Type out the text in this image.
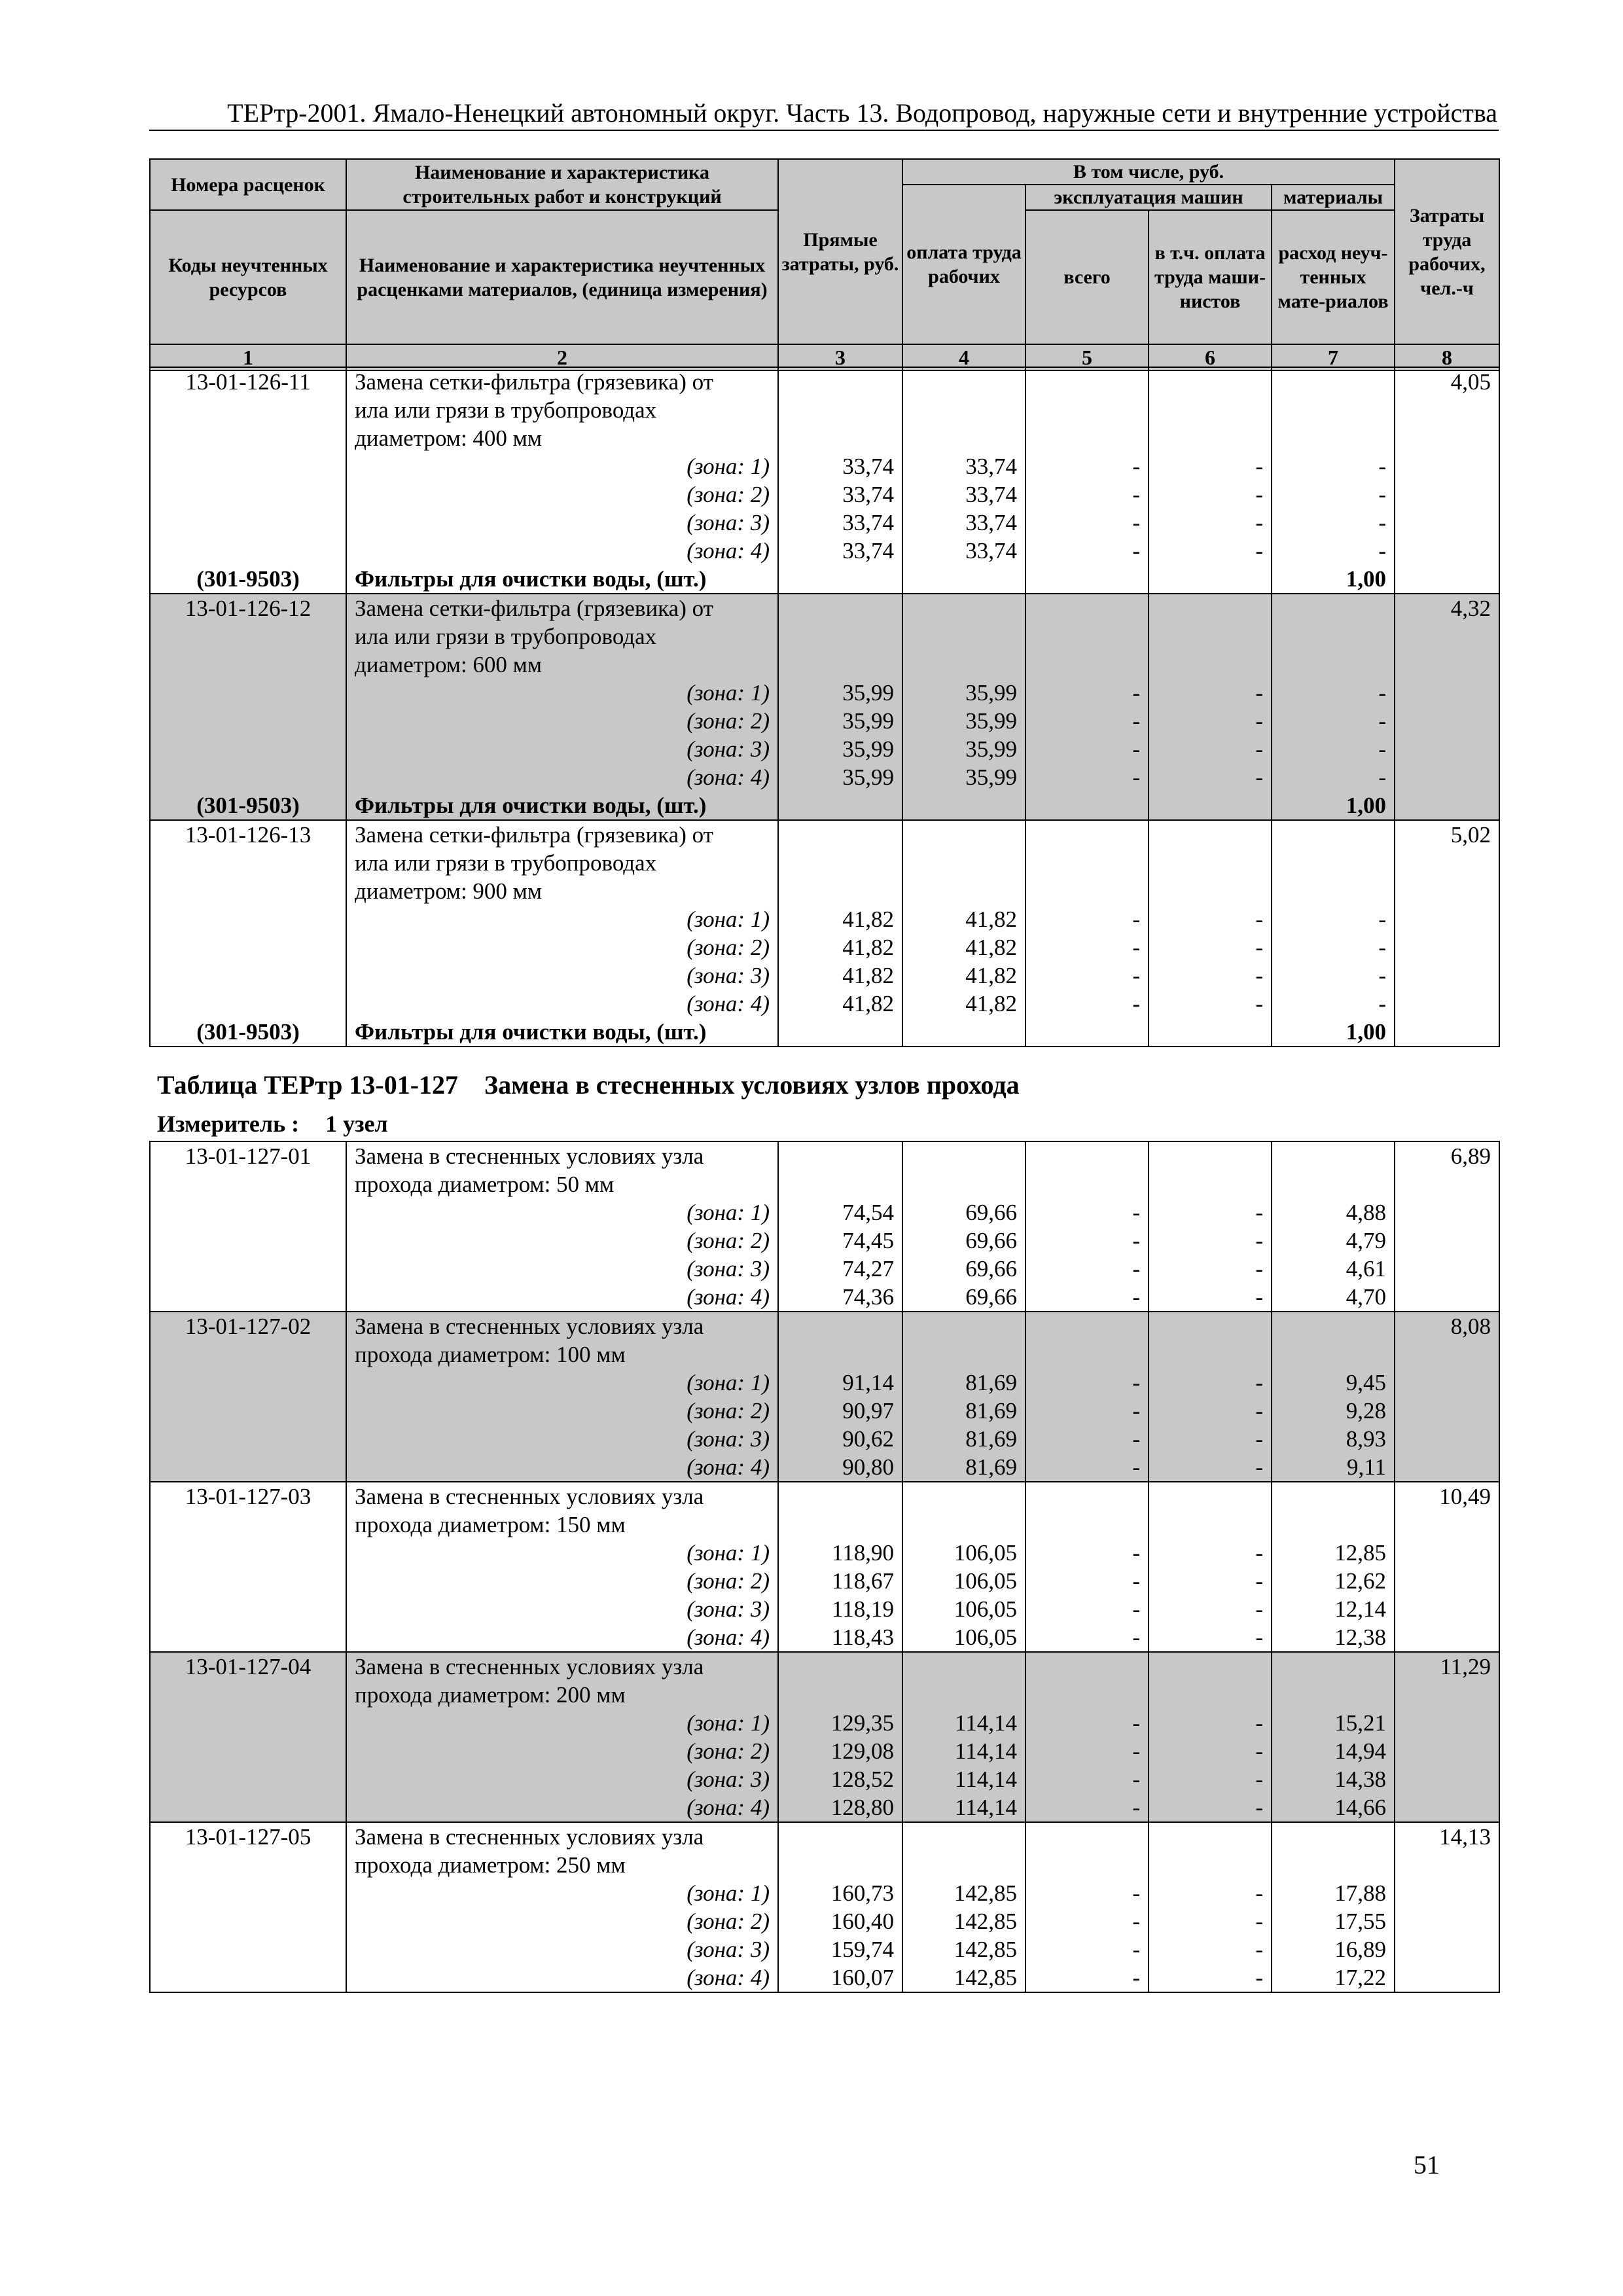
ТЕРтр-2001. Ямало-Ненецкий автономный округ. Часть 13. Водопровод, наружные сети и внутренние устройства
Номера расценок	Наименование и характеристика строительных работ и конструкций	Прямые затраты, руб.	В том числе, руб.				Затраты труда рабочих, чел.-ч
			оплата труда рабочих	эксплуатация машин		материалы	
Коды неучтенных ресурсов	Наименование и характеристика неучтенных расценками материалов, (единица измерения)			всего	в т.ч. оплата труда маши-нистов	расход неуч-тенных мате-риалов	

1	2	3	4	5	6	7	8
13-01-126-11	Замена сетки-фильтра (грязевика) от						4,05
	ила или грязи в трубопроводах						
	диаметром: 400 мм						
	(зона: 1)	33,74	33,74	-	-	-	
	(зона: 2)	33,74	33,74	-	-	-	
	(зона: 3)	33,74	33,74	-	-	-	
	(зона: 4)	33,74	33,74	-	-	-	
(301-9503)	Фильтры для очистки воды, (шт.)					1,00	
13-01-126-12	Замена сетки-фильтра (грязевика) от						4,32
	ила или грязи в трубопроводах						
	диаметром: 600 мм						
	(зона: 1)	35,99	35,99	-	-	-	
	(зона: 2)	35,99	35,99	-	-	-	
	(зона: 3)	35,99	35,99	-	-	-	
	(зона: 4)	35,99	35,99	-	-	-	
(301-9503)	Фильтры для очистки воды, (шт.)					1,00	
13-01-126-13	Замена сетки-фильтра (грязевика) от						5,02
	ила или грязи в трубопроводах						
	диаметром: 900 мм						
	(зона: 1)	41,82	41,82	-	-	-	
	(зона: 2)	41,82	41,82	-	-	-	
	(зона: 3)	41,82	41,82	-	-	-	
	(зона: 4)	41,82	41,82	-	-	-	
(301-9503)	Фильтры для очистки воды, (шт.)					1,00	
Таблица ТЕРтр 13-01-127 Замена в стесненных условиях узлов прохода
Измеритель : 1 узел
13-01-127-01	Замена в стесненных условиях узла						6,89
	прохода диаметром: 50 мм						
	(зона: 1)	74,54	69,66	-	-	4,88	
	(зона: 2)	74,45	69,66	-	-	4,79	
	(зона: 3)	74,27	69,66	-	-	4,61	
	(зона: 4)	74,36	69,66	-	-	4,70	
13-01-127-02	Замена в стесненных условиях узла						8,08
	прохода диаметром: 100 мм						
	(зона: 1)	91,14	81,69	-	-	9,45	
	(зона: 2)	90,97	81,69	-	-	9,28	
	(зона: 3)	90,62	81,69	-	-	8,93	
	(зона: 4)	90,80	81,69	-	-	9,11	
13-01-127-03	Замена в стесненных условиях узла						10,49
	прохода диаметром: 150 мм						
	(зона: 1)	118,90	106,05	-	-	12,85	
	(зона: 2)	118,67	106,05	-	-	12,62	
	(зона: 3)	118,19	106,05	-	-	12,14	
	(зона: 4)	118,43	106,05	-	-	12,38	
13-01-127-04	Замена в стесненных условиях узла						11,29
	прохода диаметром: 200 мм						
	(зона: 1)	129,35	114,14	-	-	15,21	
	(зона: 2)	129,08	114,14	-	-	14,94	
	(зона: 3)	128,52	114,14	-	-	14,38	
	(зона: 4)	128,80	114,14	-	-	14,66	
13-01-127-05	Замена в стесненных условиях узла						14,13
	прохода диаметром: 250 мм						
	(зона: 1)	160,73	142,85	-	-	17,88	
	(зона: 2)	160,40	142,85	-	-	17,55	
	(зона: 3)	159,74	142,85	-	-	16,89	
	(зона: 4)	160,07	142,85	-	-	17,22	
51
